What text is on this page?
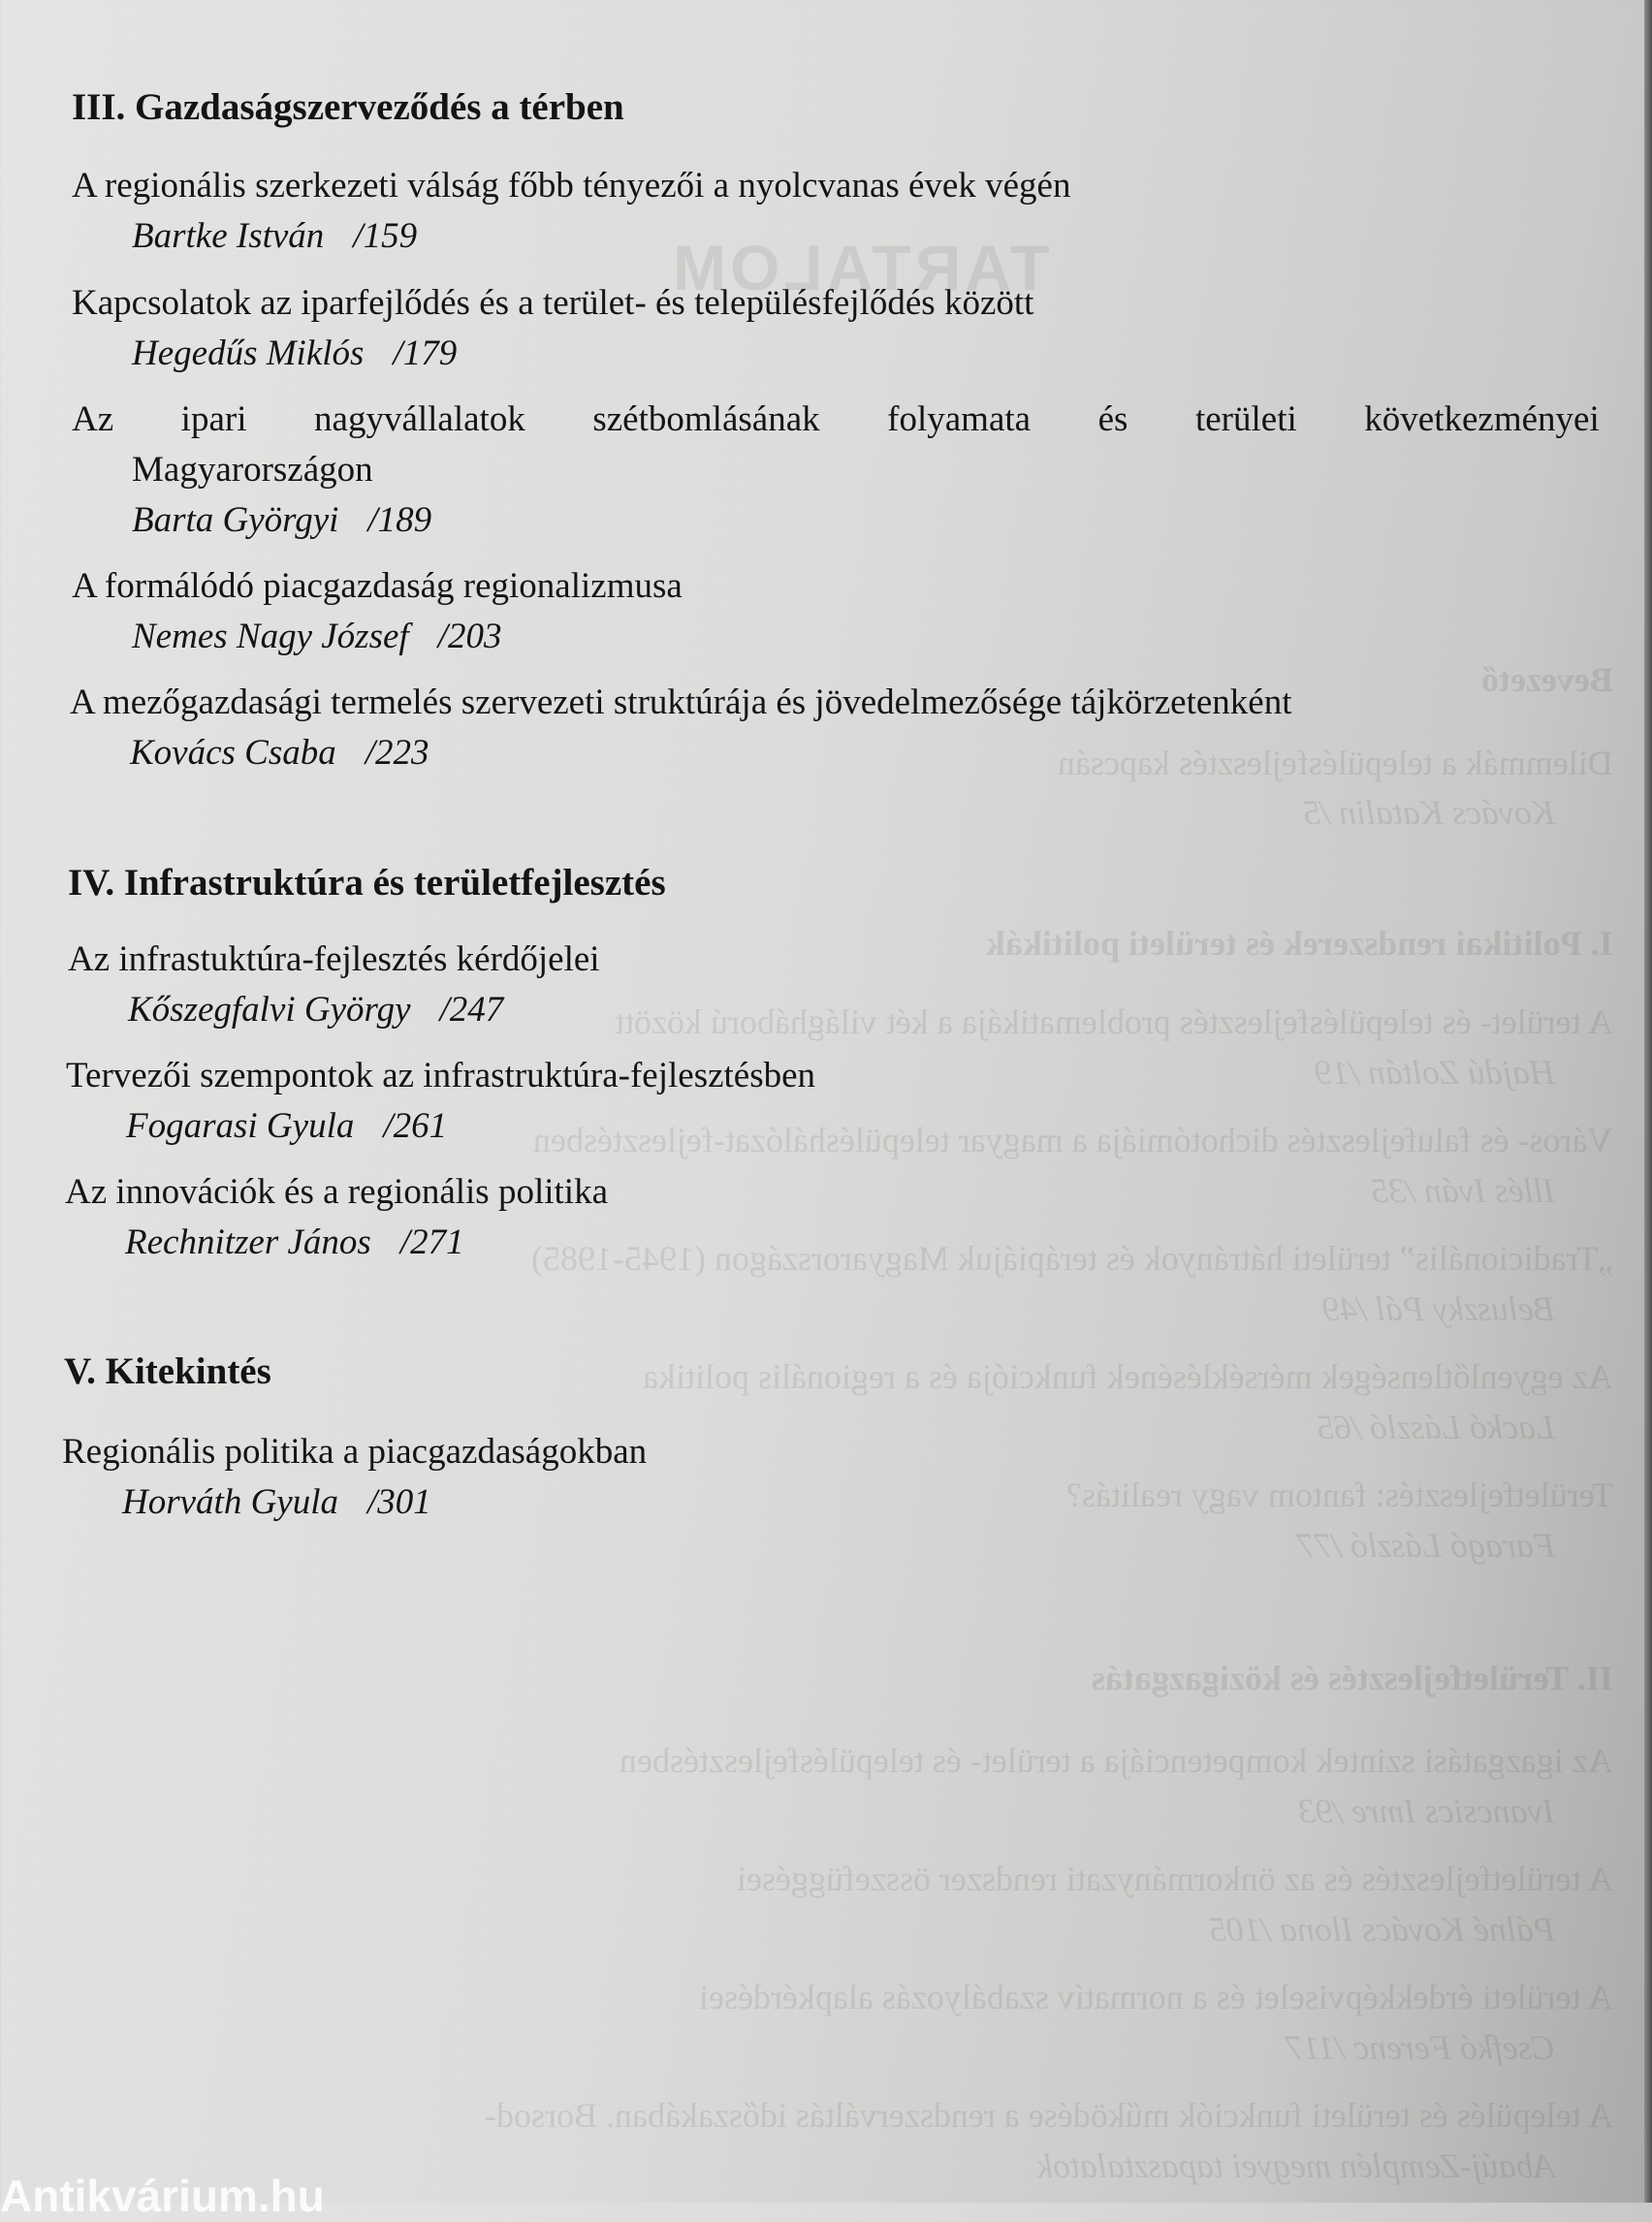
TARTALOM
Bevezető
Dilemmák a településfejlesztés kapcsán
Kovács Katalin /5
I. Politikai rendszerek és területi politikák
A terület- és településfejlesztés problematikája a két világháború között
Hajdú Zoltán /19
Város- és falufejlesztés dichotómiája a magyar településhálózat-fejlesztésben
Illés Iván /35
„Tradicionális” területi hátrányok és terápiájuk Magyarországon (1945-1985)
Beluszky Pál /49
Az egyenlőtlenségek mérséklésének funkciója és a regionális politika
Lackó László /65
Területfejlesztés: fantom vagy realitás?
Faragó László /77
II. Területfejlesztés és közigazgatás
Az igazgatási szintek kompetenciája a terület- és településfejlesztésben
Ivancsics Imre /93
A területfejlesztés és az önkormányzati rendszer összefüggései
Pálné Kovács Ilona /105
A területi érdekképviselet és a normatív szabályozás alapkérdései
Csefkó Ferenc /117
A település és területi funkciók működése a rendszerváltás időszakában. Borsod-
Abaúj-Zemplén megyei tapasztalatok
III. Gazdaságszerveződés a térben
A regionális szerkezeti válság főbb tényezői a nyolcvanas évek végén
Bartke István /159
Kapcsolatok az iparfejlődés és a terület- és településfejlődés között
Hegedűs Miklós /179
Az ipari nagyvállalatok szétbomlásának folyamata és területi következményei
Magyarországon
Barta Györgyi /189
A formálódó piacgazdaság regionalizmusa
Nemes Nagy József /203
A mezőgazdasági termelés szervezeti struktúrája és jövedelmezősége tájkörzetenként
Kovács Csaba /223
IV. Infrastruktúra és területfejlesztés
Az infrastuktúra-fejlesztés kérdőjelei
Kőszegfalvi György /247
Tervezői szempontok az infrastruktúra-fejlesztésben
Fogarasi Gyula /261
Az innovációk és a regionális politika
Rechnitzer János /271
V. Kitekintés
Regionális politika a piacgazdaságokban
Horváth Gyula /301
Antikvárium.hu
